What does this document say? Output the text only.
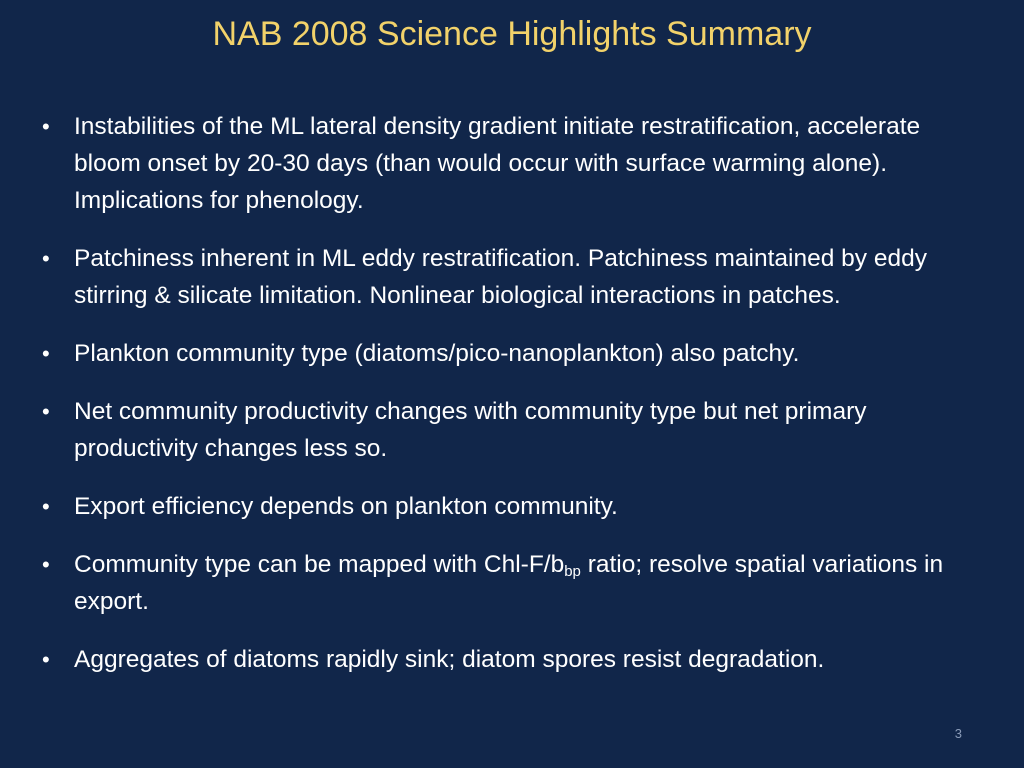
NAB 2008 Science Highlights Summary
• Instabilities of the ML lateral density gradient initiate restratification, accelerate bloom onset by 20-30 days (than would occur with surface warming alone). Implications for phenology.
• Patchiness inherent in ML eddy restratification. Patchiness maintained by eddy stirring & silicate limitation. Nonlinear biological interactions in patches.
• Plankton community type (diatoms/pico-nanoplankton) also patchy.
• Net community productivity changes with community type but net primary productivity changes less so.
• Export efficiency depends on plankton community.
• Community type can be mapped with Chl-$F/b_{bp}$ ratio; resolve spatial variations in export.
• Aggregates of diatoms rapidly sink; diatom spores resist degradation.
3
